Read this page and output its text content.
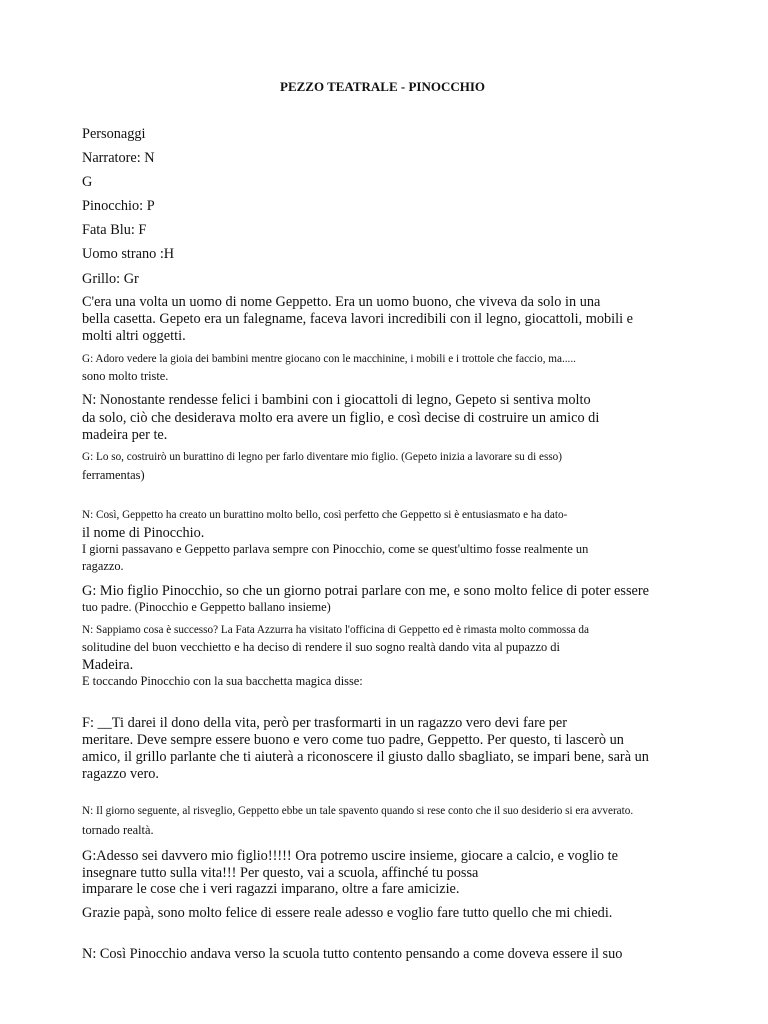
PEZZO TEATRALE - PINOCCHIO

Personaggi

Narratore: N

G

Pinocchio: P

Fata Blu: F

Uomo strano :H

Grillo: Gr

C'era una volta un uomo di nome Geppetto. Era un uomo buono, che viveva da solo in una

bella casetta. Gepeto era un falegname, faceva lavori incredibili con il legno, giocattoli, mobili e

molti altri oggetti.

G: Adoro vedere la gioia dei bambini mentre giocano con le macchinine, i mobili e i trottole che faccio, ma.....

sono molto triste.

N: Nonostante rendesse felici i bambini con i giocattoli di legno, Gepeto si sentiva molto

da solo, ciò che desiderava molto era avere un figlio, e così decise di costruire un amico di

madeira per te.

G: Lo so, costruirò un burattino di legno per farlo diventare mio figlio. (Gepeto inizia a lavorare su di esso)

ferramentas)

N: Così, Geppetto ha creato un burattino molto bello, così perfetto che Geppetto si è entusiasmato e ha dato-

il nome di Pinocchio.

I giorni passavano e Geppetto parlava sempre con Pinocchio, come se quest'ultimo fosse realmente un

ragazzo.

G: Mio figlio Pinocchio, so che un giorno potrai parlare con me, e sono molto felice di poter essere

tuo padre. (Pinocchio e Geppetto ballano insieme)

N: Sappiamo cosa è successo? La Fata Azzurra ha visitato l'officina di Geppetto ed è rimasta molto commossa da

solitudine del buon vecchietto e ha deciso di rendere il suo sogno realtà dando vita al pupazzo di

Madeira.

E toccando Pinocchio con la sua bacchetta magica disse:

F: __Ti darei il dono della vita, però per trasformarti in un ragazzo vero devi fare per

meritare. Deve sempre essere buono e vero come tuo padre, Geppetto. Per questo, ti lascerò un

amico, il grillo parlante che ti aiuterà a riconoscere il giusto dallo sbagliato, se impari bene, sarà un

ragazzo vero.

N: Il giorno seguente, al risveglio, Geppetto ebbe un tale spavento quando si rese conto che il suo desiderio si era avverato.

tornado realtà.

G:Adesso sei davvero mio figlio!!!!! Ora potremo uscire insieme, giocare a calcio, e voglio te

insegnare tutto sulla vita!!! Per questo, vai a scuola, affinché tu possa

imparare le cose che i veri ragazzi imparano, oltre a fare amicizie.

Grazie papà, sono molto felice di essere reale adesso e voglio fare tutto quello che mi chiedi.

N: Così Pinocchio andava verso la scuola tutto contento pensando a come doveva essere il suo
